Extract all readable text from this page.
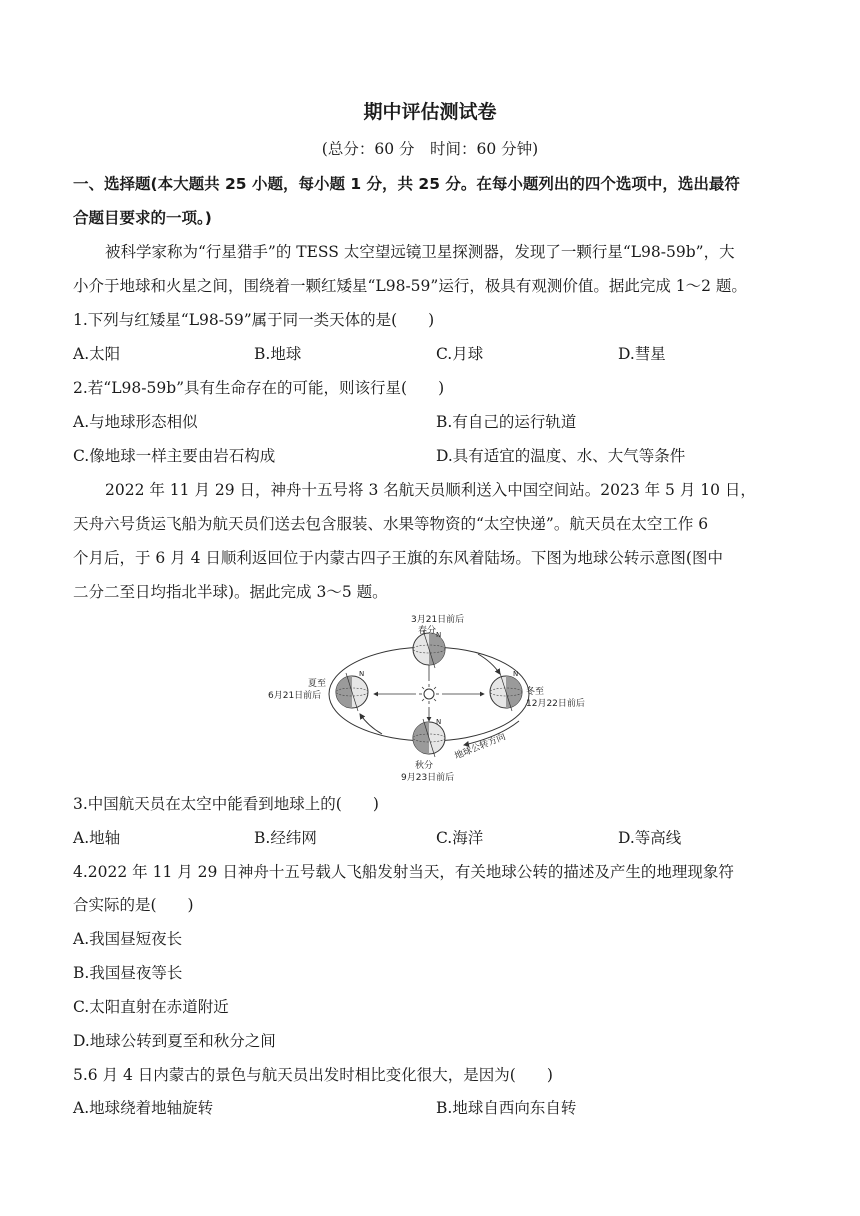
期中评估测试卷
(总分：60 分　时间：60 分钟)
一、选择题(本大题共 25 小题，每小题 1 分，共 25 分。在每小题列出的四个选项中，选出最符
合题目要求的一项。)
被科学家称为“行星猎手”的 TESS 太空望远镜卫星探测器，发现了一颗行星“L98-59b”，大
小介于地球和火星之间，围绕着一颗红矮星“L98-59”运行，极具有观测价值。据此完成 1～2 题。
1.下列与红矮星“L98-59”属于同一类天体的是(　　)
A.太阳	B.地球	C.月球	D.彗星
2.若“L98-59b”具有生命存在的可能，则该行星(　　)
A.与地球形态相似	B.有自己的运行轨道
C.像地球一样主要由岩石构成	D.具有适宜的温度、水、大气等条件
2022 年 11 月 29 日，神舟十五号将 3 名航天员顺利送入中国空间站。2023 年 5 月 10 日，
天舟六号货运飞船为航天员们送去包含服装、水果等物资的“太空快递”。航天员在太空工作 6
个月后，于 6 月 4 日顺利返回位于内蒙古四子王旗的东风着陆场。下图为地球公转示意图(图中
二分二至日均指北半球)。据此完成 3～5 题。
3月21日前后
春分
夏至
6月21日前后	冬至
12月22日前后
秋分
9月23日前后
地球公转方向
N
N	N
N
3.中国航天员在太空中能看到地球上的(　　)
A.地轴	B.经纬网	C.海洋	D.等高线
4.2022 年 11 月 29 日神舟十五号载人飞船发射当天，有关地球公转的描述及产生的地理现象符
合实际的是(　　)
A.我国昼短夜长
B.我国昼夜等长
C.太阳直射在赤道附近
D.地球公转到夏至和秋分之间
5.6 月 4 日内蒙古的景色与航天员出发时相比变化很大，是因为(　　)
A.地球绕着地轴旋转	B.地球自西向东自转
